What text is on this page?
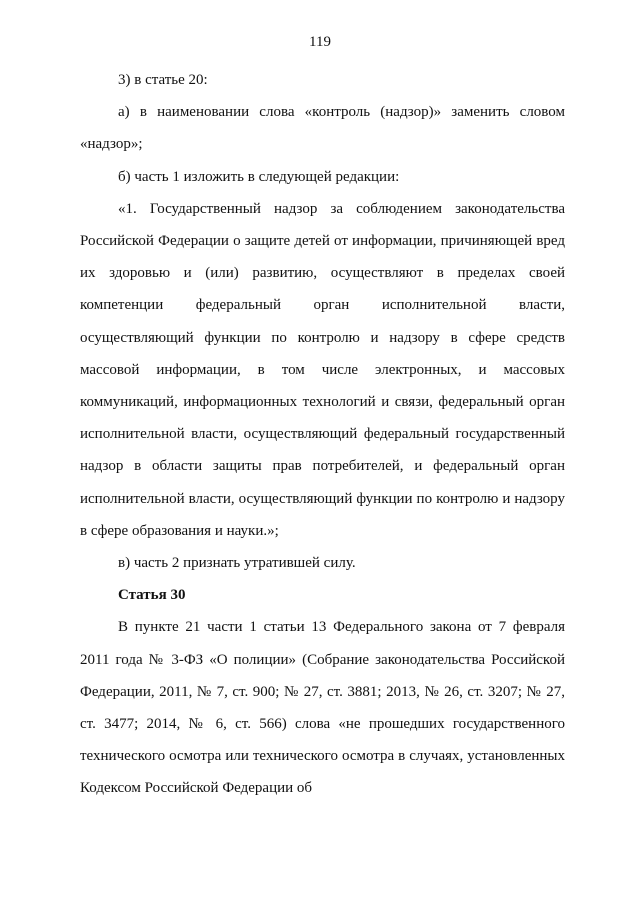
119

3) в статье 20:

а) в наименовании слова «контроль (надзор)» заменить словом «надзор»;

б) часть 1 изложить в следующей редакции:

«1. Государственный надзор за соблюдением законодательства Российской Федерации о защите детей от информации, причиняющей вред их здоровью и (или) развитию, осуществляют в пределах своей компетенции федеральный орган исполнительной власти, осуществляющий функции по контролю и надзору в сфере средств массовой информации, в том числе электронных, и массовых коммуникаций, информационных технологий и связи, федеральный орган исполнительной власти, осуществляющий федеральный государственный надзор в области защиты прав потребителей, и федеральный орган исполнительной власти, осуществляющий функции по контролю и надзору в сфере образования и науки.»;

в) часть 2 признать утратившей силу.

Статья 30

В пункте 21 части 1 статьи 13 Федерального закона от 7 февраля 2011 года № 3-ФЗ «О полиции» (Собрание законодательства Российской Федерации, 2011, № 7, ст. 900; № 27, ст. 3881; 2013, № 26, ст. 3207; № 27, ст. 3477; 2014, № 6, ст. 566) слова «не прошедших государственного технического осмотра или технического осмотра в случаях, установленных Кодексом Российской Федерации об
